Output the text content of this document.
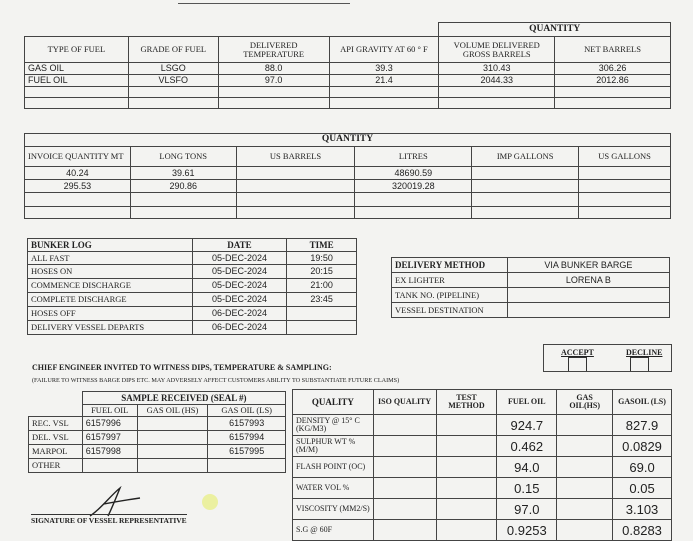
				QUANTITY	
TYPE OF FUEL	GRADE OF FUEL	DELIVERED TEMPERATURE	API GRAVITY AT 60 ° F	VOLUME DELIVERED GROSS BARRELS	NET BARRELS
GAS OIL	LSGO	88.0	39.3	310.43	306.26
FUEL OIL	VLSFO	97.0	21.4	2044.33	2012.86

QUANTITY					
INVOICE QUANTITY MT	LONG TONS	US BARRELS	LITRES	IMP GALLONS	US GALLONS
40.24	39.61		48690.59		
295.53	290.86		320019.28		

BUNKER LOG	DATE	TIME
ALL FAST	05-DEC-2024	19:50
HOSES ON	05-DEC-2024	20:15
COMMENCE DISCHARGE	05-DEC-2024	21:00
COMPLETE DISCHARGE	05-DEC-2024	23:45
HOSES OFF	06-DEC-2024	
DELIVERY VESSEL DEPARTS	06-DEC-2024	
DELIVERY METHOD	VIA BUNKER BARGE
EX LIGHTER	LORENA B
TANK NO. (PIPELINE)	
VESSEL DESTINATION	
ACCEPT	DECLINE
CHIEF ENGINEER INVITED TO WITNESS DIPS, TEMPERATURE & SAMPLING:
(FAILURE TO WITNESS BARGE DIPS ETC. MAY ADVERSELY AFFECT CUSTOMERS ABILITY TO SUBSTANTIATE FUTURE CLAIMS)
	SAMPLE RECEIVED (SEAL #)		
	FUEL OIL	GAS OIL (HS)	GAS OIL (LS)
REC. VSL	6157996		6157993
DEL. VSL	6157997		6157994
MARPOL	6157998		6157995
OTHER			
QUALITY	ISO QUALITY	TEST METHOD	FUEL OIL	GAS OIL(HS)	GASOIL (LS)
DENSITY @ 15° C (KG/M3)			924.7		827.9
SULPHUR WT % (M/M)			0.462		0.0829
FLASH POINT (OC)			94.0		69.0
WATER VOL %			0.15		0.05
VISCOSITY (MM2/S)			97.0		3.103
S.G @ 60F			0.9253		0.8283
SIGNATURE OF VESSEL REPRESENTATIVE
